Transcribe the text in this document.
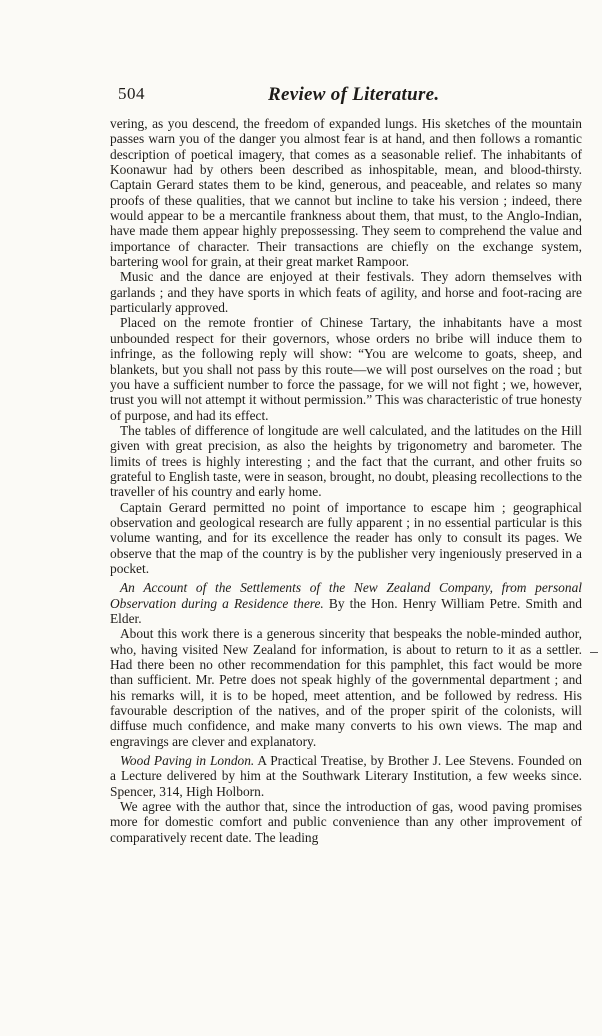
504	Review of Literature.

vering, as you descend, the freedom of expanded lungs. His sketches of the mountain passes warn you of the danger you almost fear is at hand, and then follows a romantic description of poetical imagery, that comes as a seasonable relief. The inhabitants of Koonawur had by others been described as inhospitable, mean, and blood-thirsty. Captain Gerard states them to be kind, generous, and peaceable, and relates so many proofs of these qualities, that we cannot but incline to take his version ; indeed, there would appear to be a mercantile frankness about them, that must, to the Anglo-Indian, have made them appear highly prepossessing. They seem to comprehend the value and importance of character. Their transactions are chiefly on the exchange system, bartering wool for grain, at their great market Rampoor.

Music and the dance are enjoyed at their festivals. They adorn themselves with garlands ; and they have sports in which feats of agility, and horse and foot-racing are particularly approved.

Placed on the remote frontier of Chinese Tartary, the inhabitants have a most unbounded respect for their governors, whose orders no bribe will induce them to infringe, as the following reply will show: “You are welcome to goats, sheep, and blankets, but you shall not pass by this route—we will post ourselves on the road ; but you have a sufficient number to force the passage, for we will not fight ; we, however, trust you will not attempt it without permission.” This was characteristic of true honesty of purpose, and had its effect.

The tables of difference of longitude are well calculated, and the latitudes on the Hill given with great precision, as also the heights by trigonometry and barometer. The limits of trees is highly interesting ; and the fact that the currant, and other fruits so grateful to English taste, were in season, brought, no doubt, pleasing recollections to the traveller of his country and early home.

Captain Gerard permitted no point of importance to escape him ; geographical observation and geological research are fully apparent ; in no essential particular is this volume wanting, and for its excellence the reader has only to consult its pages. We observe that the map of the country is by the publisher very ingeniously preserved in a pocket.

An Account of the Settlements of the New Zealand Company, from personal Observation during a Residence there. By the Hon. Henry William Petre. Smith and Elder.

About this work there is a generous sincerity that bespeaks the noble-minded author, who, having visited New Zealand for information, is about to return to it as a settler. Had there been no other recommendation for this pamphlet, this fact would be more than sufficient. Mr. Petre does not speak highly of the governmental department ; and his remarks will, it is to be hoped, meet attention, and be followed by redress. His favourable description of the natives, and of the proper spirit of the colonists, will diffuse much confidence, and make many converts to his own views. The map and engravings are clever and explanatory.

Wood Paving in London. A Practical Treatise, by Brother J. Lee Stevens. Founded on a Lecture delivered by him at the Southwark Literary Institution, a few weeks since. Spencer, 314, High Holborn.

We agree with the author that, since the introduction of gas, wood paving promises more for domestic comfort and public convenience than any other improvement of comparatively recent date. The leading
